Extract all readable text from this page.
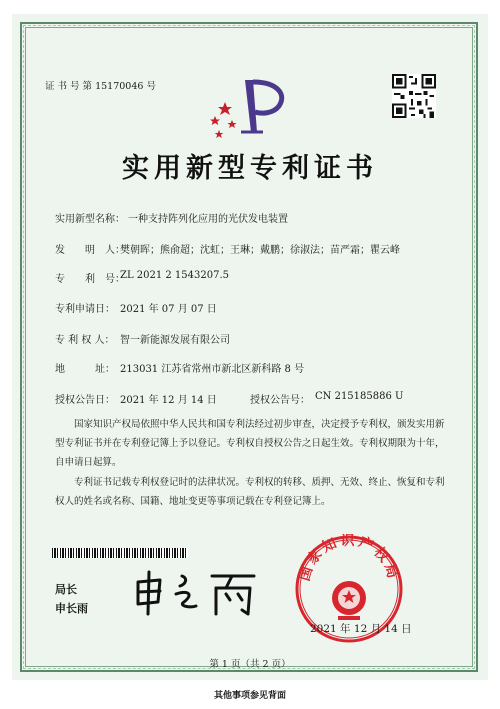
证 书 号 第 15170046 号
实用新型专利证书
实用新型名称： 一种支持阵列化应用的光伏发电装置
发　　明　人：
樊朝晖；熊俞超；沈虹；王琳；戴鹏；徐淑法；苗严霜；瞿云峰
专　　利　号：
ZL 2021 2 1543207.5
专利申请日： 2021 年 07 月 07 日
专 利 权 人： 智一新能源发展有限公司
地　　　址： 213031 江苏省常州市新北区新科路 8 号
授权公告日： 2021 年 12 月 14 日	授权公告号： CN 215185886 U
国家知识产权局依照中华人民共和国专利法经过初步审查，决定授予专利权，颁发实用新型专利证书并在专利登记簿上予以登记。专利权自授权公告之日起生效。专利权期限为十年，自申请日起算。
专利证书记载专利权登记时的法律状况。专利权的转移、质押、无效、终止、恢复和专利权人的姓名或名称、国籍、地址变更等事项记载在专利登记簿上。
局长
申长雨
国家知识产权局
2021 年 12 月 14 日
第 1 页（共 2 页）
其他事项参见背面
